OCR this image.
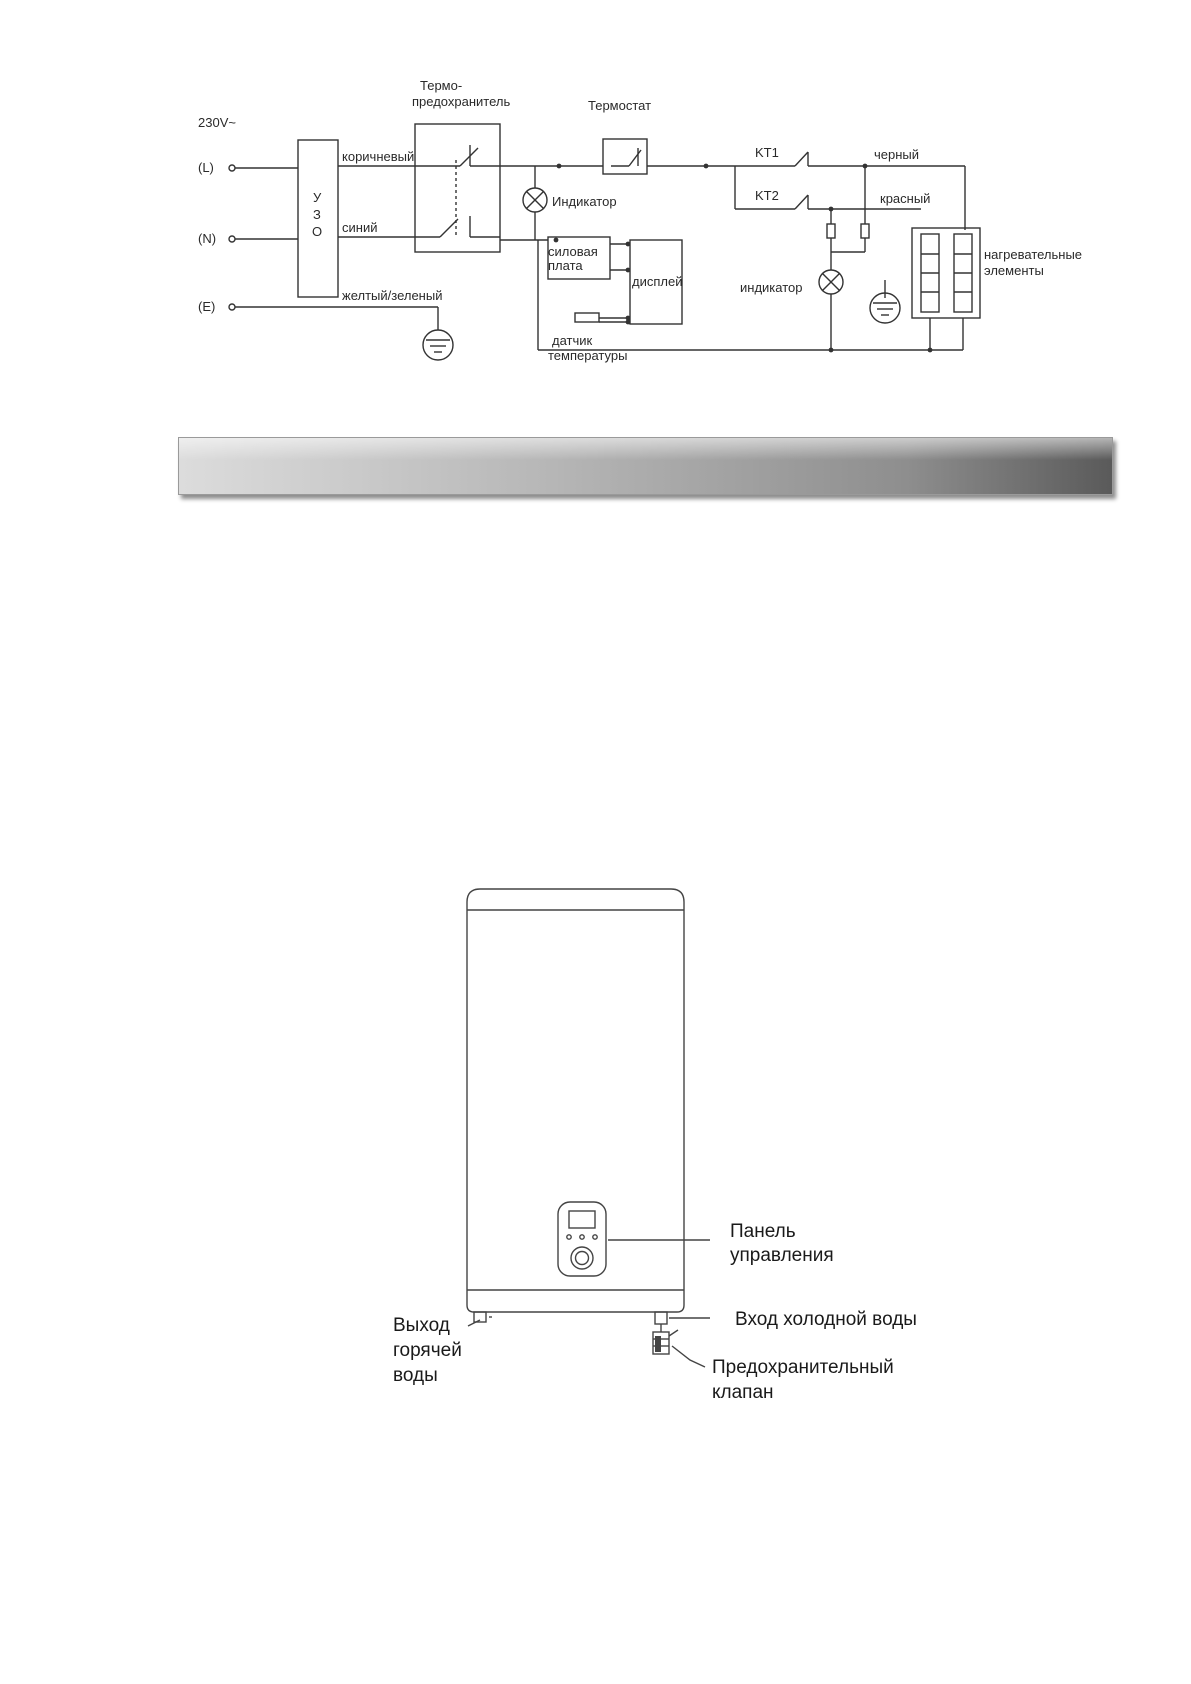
230V~
(L)
(N)
(E)
У
З
О
коричневый
синий
желтый/зеленый
Термо-
предохранитель	Термостат
Индикатор
индикатор
KT1
KT2
черный
красный
силовая
плата
дисплей
датчик
температуры
нагревательные
элементы
Панель
управления
Вход холодной воды
Выход
горячей
воды	Предохранительный
клапан
